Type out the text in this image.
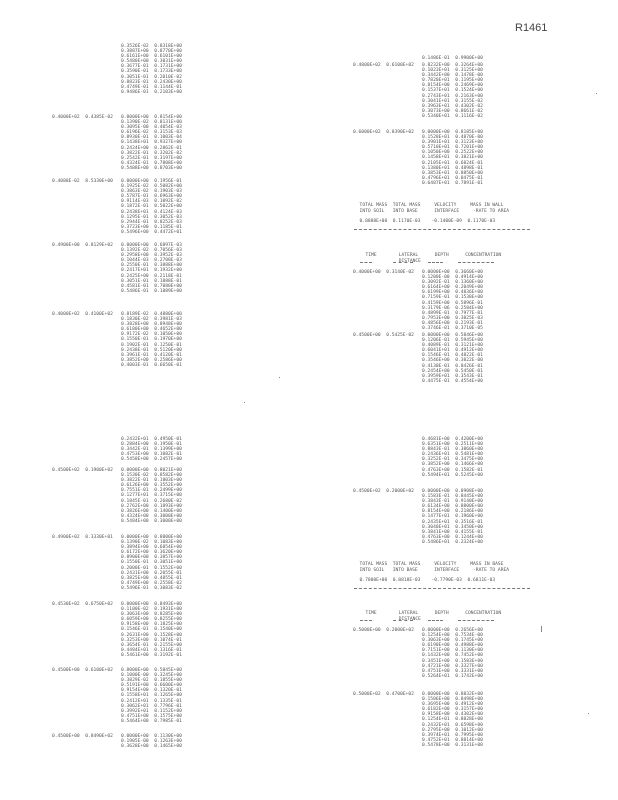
R1461
0.3526E-02  0.8318E+00
0.3887E+00  0.8770E+00
0.6161E+00  0.6101E+00
0.5480E+00  0.3031E+00
0.3677E-01  0.1731E+00
0.3590E-01  0.1733E+00
0.3051E-01  0.2010E-02
0.8823E-01  0.2430E+00
0.4749E-01  0.1144E-01
0.9486E-01  0.2103E+00
0.4000E+02  0.4385E-02 0.0000E+00  0.8154E+00
0.1390E-02  0.8131E+00
0.3095E-00  0.4054E-03
0.6196E-02  0.3153E-03
0.8930E-01  0.1003E-04
0.1438E+01  0.9327E+00
0.2424E+00  0.2862E-01
0.3822E-01  0.3202E-02
0.2542E-01  0.3197E+00
0.4324E-01  0.7808E+00
0.5488E+00  0.8703E+00
0.4088E-02  8.5330E+00 0.0000E+00  0.1956E-01
0.1925E-02  0.5082E+00
0.3863E-02  0.1903E-03
0.5787E-01  0.6963E+00
0.9114E-03  0.1092E-02
0.1872E-01  0.5022E+00
0.2438E+01  0.4124E-03
0.1295E-01  0.3052E-03
0.2944E-01  0.8252E-03
0.3723E+00  0.1185E-01
0.5496E+00  0.4472E+01
0.4900E+00  0.8129E+02 0.0000E+00  0.6897E-03
0.1392E-02  0.7056E-03
0.2958E+00  0.3952E-03
0.1044E-03  0.2708E-03
0.2550E-01  0.3888E+00
0.2417E+01  0.1932E+00
0.2425E+00  0.2118E-01
0.3051E-01  0.1888E-01
0.4581E-01  0.7080E+00
0.5486E-01  0.1889E+00
0.4000E+02  0.4100E+02 0.8189E-02  0.4880E+00
0.1830E-02  0.3981E-03
0.3828E+00  0.8948E+00
0.6180E+00  0.4652E+00
0.9172E-02  0.1050E+00
0.1550E-01  0.1970E+00
0.1902E-01  0.1250E-01
0.2438E-01  0.5120E+00
0.3961E-01  0.4120E-01
0.3852E+00  0.2586E+00
0.4003E-01  0.6650E-01
0.1486E-01  0.9900E+00
0.4800E+02  0.6100E+02 0.8232E+00  0.3264E+00
0.1023E+01  0.3125E+00
0.3442E+00  0.1478E-00
0.7820E+01  0.1195E+00
0.8154E+00  0.2469E+00
0.1537E+01  0.1524E+00
0.2743E+01  0.2163E+00
0.3041E+01  0.3155E-02
0.3963E+01  0.4302E-02
0.3073E+00  0.8661E-02
0.5340E+01  0.1116E-02
0.6000E+02  0.8390E+02 0.0000E+00  0.8185E+00
0.1528E+01  0.4870E-00
0.3901E+01  0.3123E+00
0.5710E+01  0.7201E+00
0.1050E+00  0.2522E+00
0.1458E+01  0.3821E+00
0.2105E+01  0.6824E-01
0.1380E+01  0.4898E-01
0.3853E+01  0.8850E+00
0.4796E+01  0.8475E-01
0.6487E+01  0.7891E-01

TOTAL MASS TOTAL MASS	VELOCITY	MASS IN WALL

INTO SOIL INTO BASE	INTERFACE	-RATE TO AREA

0.8888E+00 0.1170E-03 -0.1400E-09 0.1170E-03

TIME	LATERAL	DEPTH	CONCENTRATION

DISTANCE

0.4000E+00  0.3140E-02 0.0000E+00  0.3660E+00
0.1200E-00  0.4914E+00
0.3092E-01  0.1360E+00
0.6164E+00  0.2049E+00
0.6199E+00  0.4836E+00
0.7159E-01  0.1538E+00
0.4159E+00  0.5896E-01
0.3179E-06  0.2584E+00
0.4899E-01  0.7977E-01
0.7953E+00  0.3825E-03
0.4856E+00  0.2193E-01
0.3746E-01  0.3710E-05
0.4500E+00  0.5425E-02 0.0000E+00  0.5846E+00
0.1206E-01  0.5945E+00
0.4089E-01  0.3121E+00
0.6041E+01  0.4912E+00
0.1546E-01  0.4822E-01
0.3546E+00  0.3822E-00
0.4130E-01  0.8426E-01
0.2454E+00  0.5450E-01
0.3959E+01  0.3543E-01
0.4475E-01  0.4554E+00
0.2432E+01  0.4950E-01
0.2884E+00  0.1950E-01
0.3442E-01  0.1399E+00
0.4753E+00  0.1082E-01
0.5458E+00  0.2457E+00
0.4500E+02  0.1900E+02 0.0000E+00  0.8021E+00
0.1530E-02  0.8582E+00
0.3822E-01  0.1803E+00
0.6126E+00  0.3552E+00
0.7551E-01  0.2499E+00
0.1277E+01  0.3715E+00
0.1845E-01  0.2680E-02
0.2762E+00  0.1893E+00
0.3826E+00  0.1400E+00
0.4324E+00  0.3000E+00
0.5484E+00  0.3000E+00
0.4900E+02  0.3330E+01 0.0000E+00  0.8800E+00
0.1390E-02  0.1083E+00
0.3894E+00  0.6854E+00
0.6172E+00  0.3620E+00
0.8900E+00  0.3857E+00
0.1550E-01  0.3051E+00
0.2000E-01  0.1552E+00
0.2431E+00  0.2055E-01
0.3825E+00  0.4855E-01
0.4749E+00  0.2558E-02
0.5496E-01  0.3083E-02
0.4530E+02  0.6750E+02 0.0000E+00  0.8493E+00
0.1100E-02  0.1931E+00
0.3063E+00  0.8285E+00
0.6059E+00  0.8255E+00
0.9158E+00  0.1825E+00
0.1546E-01  0.1540E+00
0.2631E+00  0.1528E+00
0.3253E+00  0.1074E-01
0.3654E-01  0.2155E+00
0.4484E+01  0.1316E-01
0.5461E+00  0.3192E-01
0.4500E+00  0.6100E+02 0.8000E+00  0.5845E+00
0.1000E-00  0.3245E+00
0.3829E-02  0.1855E+00
0.5191E+00  0.6600E+00
0.9154E+00  0.1320E-01
0.1558E+01  0.1265E+00
0.2412E+01  0.1335E-01
0.3062E+01  0.7796E-01
0.3992E+01  0.1152E+00
0.4751E+00  0.1575E+00
0.5464E+00  0.7985E-01
0.4500E+00  0.8490E+02 0.0000E+00  0.1130E+00
0.1905E-00  0.1263E+00
0.3628E+00  0.1465E+00
0.4681E+00  0.4200E+00
0.6351E+00  0.2511E+00
0.8843E-01  0.3860E+00
0.2436E+01  0.5481E+00
0.3252E-01  0.3475E+00
0.3852E+00  0.1466E+00
0.4763E+00  0.1582E-01
0.5494E+01  0.5245E+00
0.4500E+02  0.2000E+02 0.0000E+00  0.8908E+00
0.1583E-01  0.8445E+00
0.3843E-01  0.9140E+00
0.6134E+00  0.8800E+00
0.8154E+00  0.2186E+00
0.1477E+01  0.1960E+00
0.2435E+01  0.3516E-01
0.3040E+01  0.3450E+00
0.3841E+00  0.4155E-01
0.4763E+00  0.1244E+00
0.5486E+01  0.2324E+00

TOTAL MASS TOTAL MASS	VELOCITY	MASS IN BASE

INTO SOIL INTO BASE	INTERFACE	-RATE TO AREA

0.7800E+00 0.8818E-03 -0.7790E-03 0.6811E-03

TIME	LATERAL	DEPTH	CONCENTRATION

DISTANCE

0.5000E+00  0.2000E+02 0.0000E+00  0.2656E+00
0.1254E+00  0.7534E-00
0.3063E+00  0.1745E+00
0.6190E+00  0.4988E+00
0.7151E+00  0.1130E+00
0.1432E+00  0.7452E+00
0.3451E+00  0.1583E+00
0.4721E+00  0.3327E+00
0.4751E+00  0.3331E+00
0.5264E+01  0.1742E+00
0.5000E+02  0.4700E+02 0.0000E+00  0.8832E+00
0.1506E+00  0.8498E+00
0.3695E+00  0.4912E+00
0.6182E+00  0.3157E+00
0.9158E+00  0.4302E+00
0.1254E+01  0.8828E+00
0.2432E+01  0.6598E+00
0.2795E+00  0.1012E+00
0.3974E+01  0.7995E+00
0.4752E+01  0.8814E+00
0.5478E+00  0.3131E+00
